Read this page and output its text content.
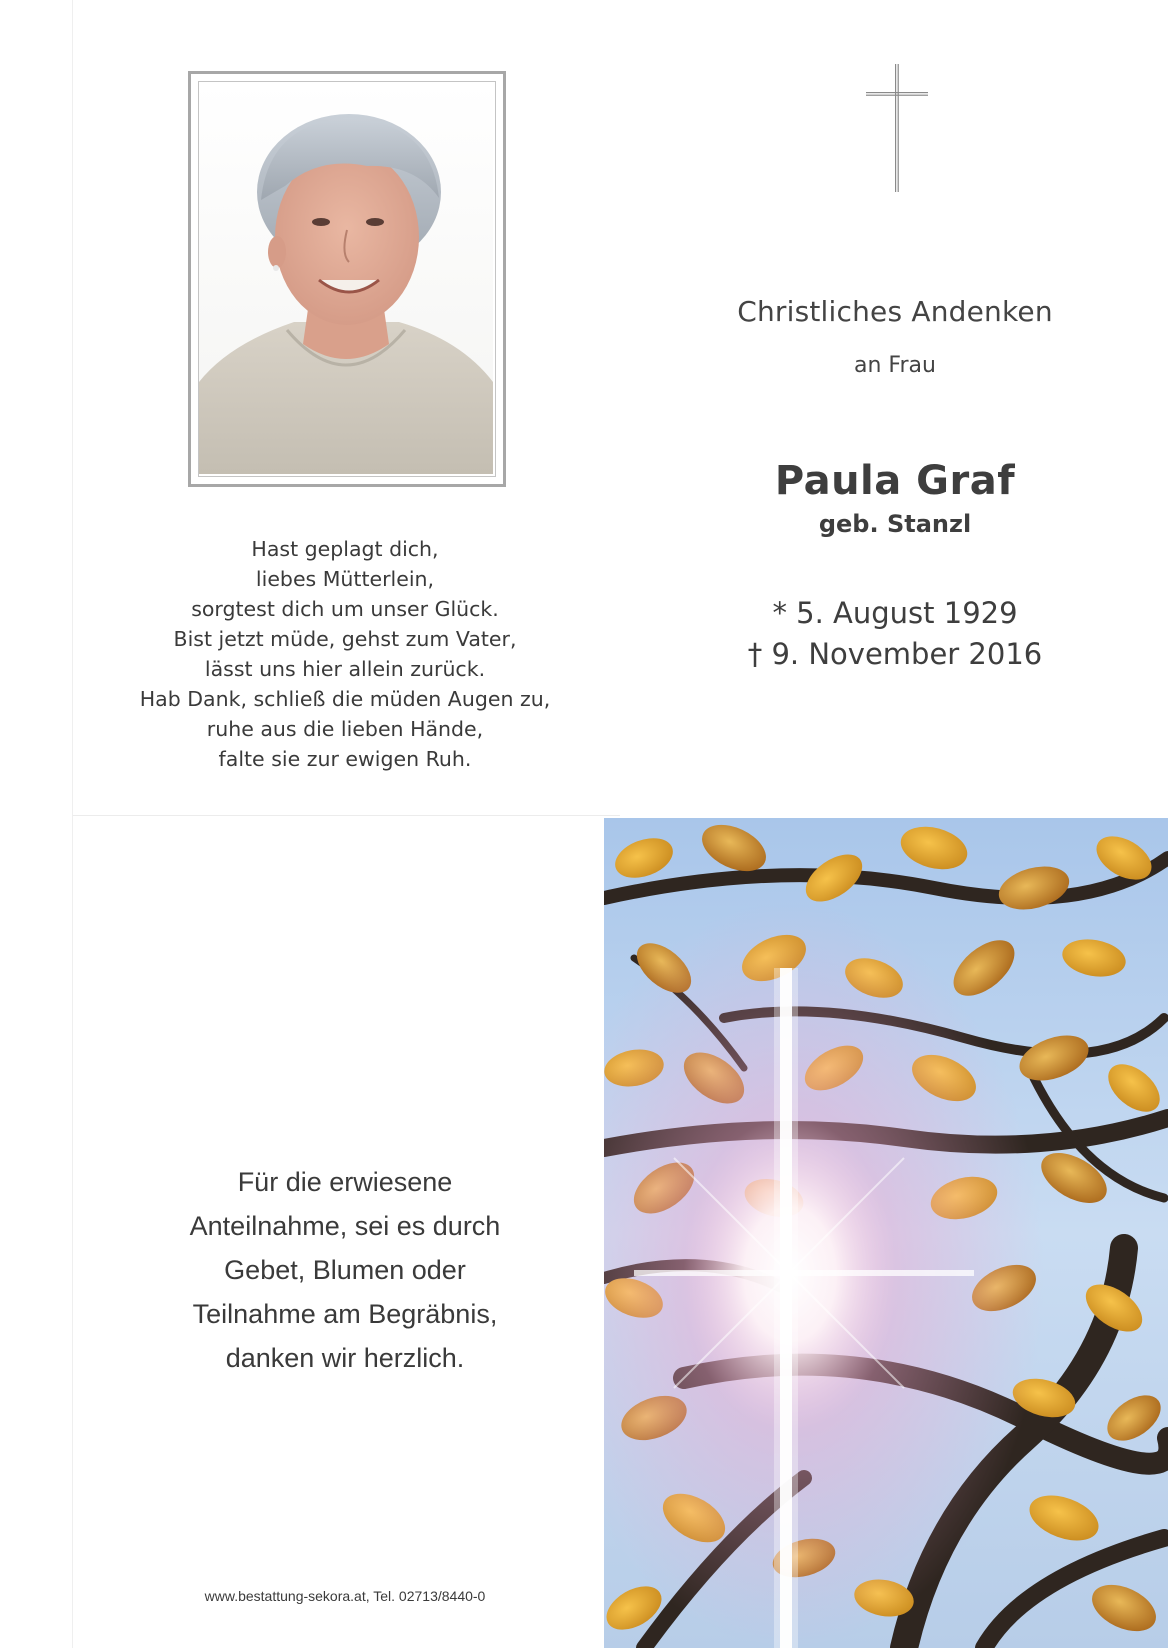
Hast geplagt dich,
liebes Mütterlein,
sorgtest dich um unser Glück.
Bist jetzt müde, gehst zum Vater,
lässt uns hier allein zurück.
Hab Dank, schließ die müden Augen zu,
ruhe aus die lieben Hände,
falte sie zur ewigen Ruh.
Christliches Andenken
an Frau
Paula Graf
geb. Stanzl
* 5. August 1929
† 9. November 2016
Für die erwiesene
Anteilnahme, sei es durch
Gebet, Blumen oder
Teilnahme am Begräbnis,
danken wir herzlich.
www.bestattung-sekora.at, Tel. 02713/8440-0
